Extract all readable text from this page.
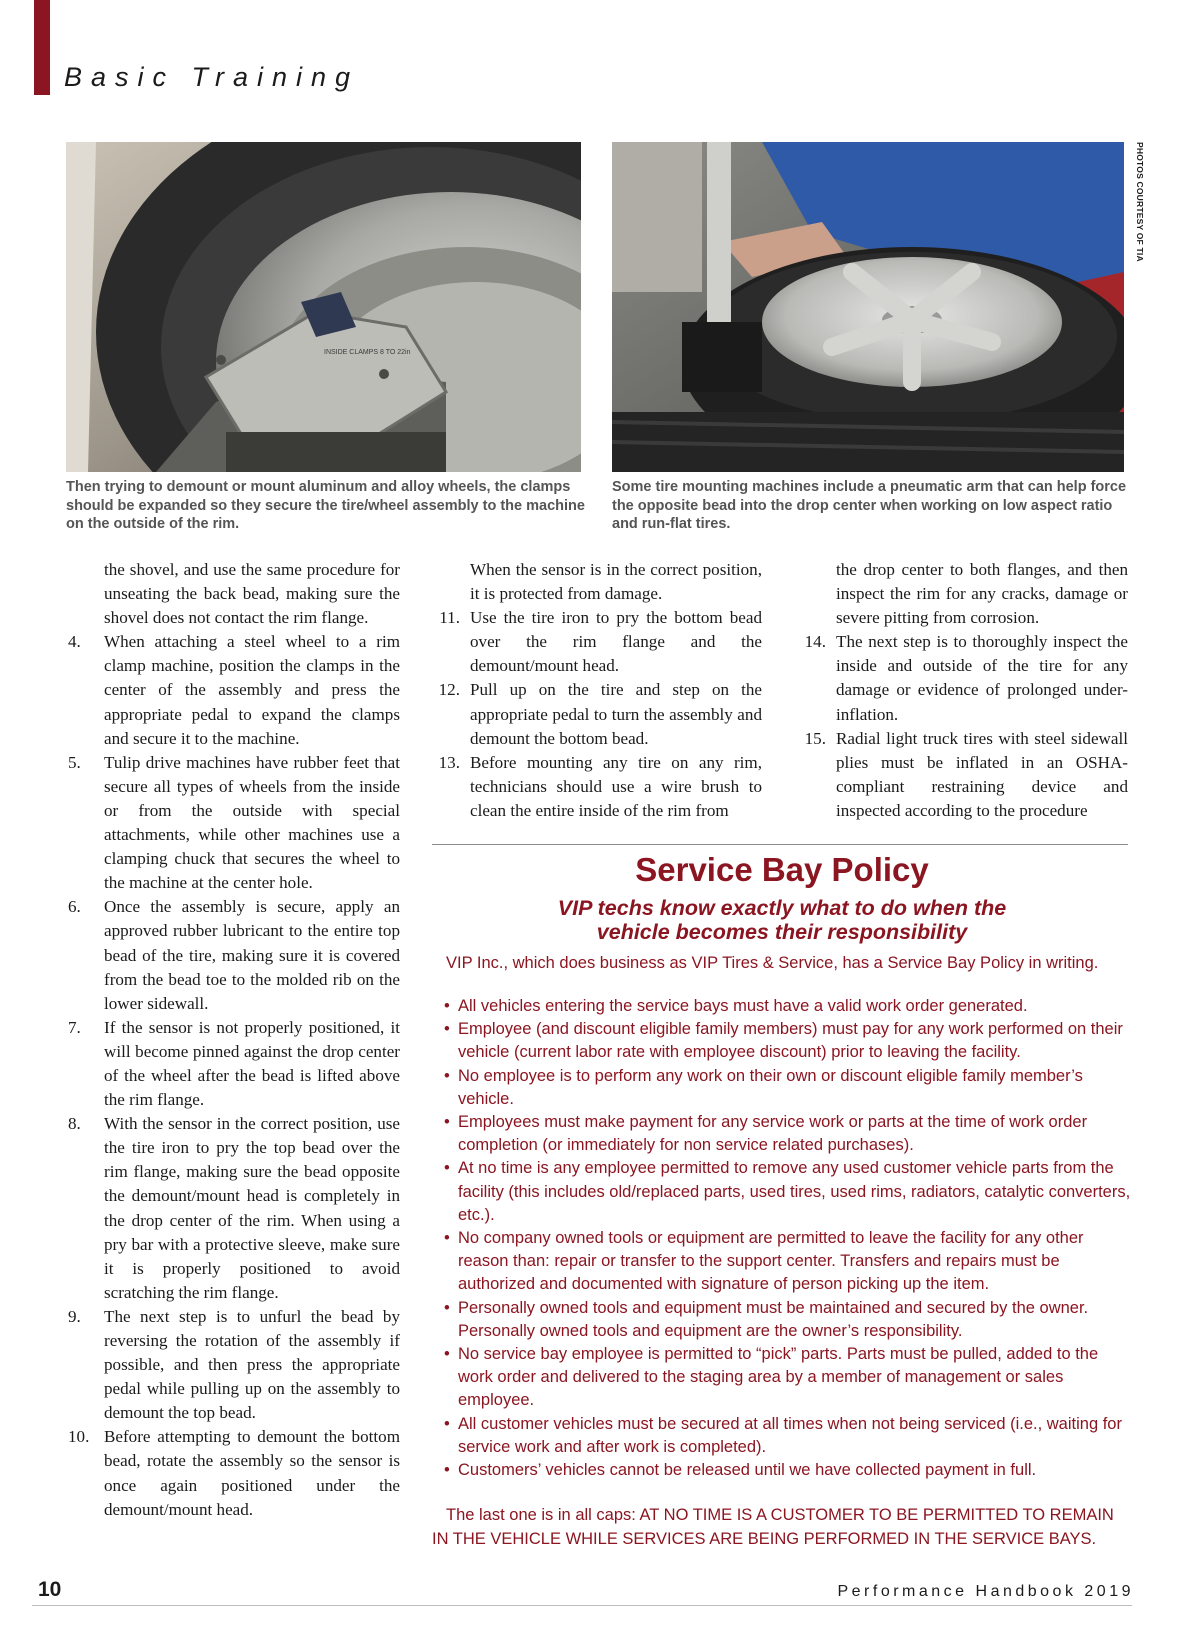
Basic Training
INSIDE CLAMPS 8 TO 22in
PHOTOS COURTESY OF TIA
Then trying to demount or mount aluminum and alloy wheels, the clamps should be expanded so they secure the tire/wheel assembly to the machine on the outside of the rim.
Some tire mounting machines include a pneumatic arm that can help force the opposite bead into the drop center when working on low aspect ratio and run-flat tires.
the shovel, and use the same procedure for unseating the back bead, making sure the shovel does not contact the rim flange.
4.	When attaching a steel wheel to a rim clamp machine, position the clamps in the center of the assembly and press the appropriate pedal to expand the clamps and secure it to the machine.
5.	Tulip drive machines have rubber feet that secure all types of wheels from the inside or from the outside with special attachments, while other machines use a clamping chuck that secures the wheel to the machine at the center hole.
6.	Once the assembly is secure, apply an approved rubber lubricant to the entire top bead of the tire, making sure it is covered from the bead toe to the molded rib on the lower sidewall.
7.	If the sensor is not properly positioned, it will become pinned against the drop center of the wheel after the bead is lifted above the rim flange.
8.	With the sensor in the correct position, use the tire iron to pry the top bead over the rim flange, making sure the bead opposite the demount/mount head is completely in the drop center of the rim. When using a pry bar with a protective sleeve, make sure it is properly positioned to avoid scratching the rim flange.
9.	The next step is to unfurl the bead by reversing the rotation of the assembly if possible, and then press the appropriate pedal while pulling up on the assembly to demount the top bead.
10. Before attempting to demount the bottom bead, rotate the assembly so the sensor is once again positioned under the demount/mount head.
When the sensor is in the correct position, it is protected from damage.
11. Use the tire iron to pry the bottom bead over the rim flange and the demount/mount head.
12. Pull up on the tire and step on the appropriate pedal to turn the assembly and demount the bottom bead.
13. Before mounting any tire on any rim, technicians should use a wire brush to clean the entire inside of the rim from
the drop center to both flanges, and then inspect the rim for any cracks, damage or severe pitting from corrosion.
14. The next step is to thoroughly inspect the inside and outside of the tire for any damage or evidence of prolonged under-inflation.
15. Radial light truck tires with steel sidewall plies must be inflated in an OSHA-compliant restraining device and inspected according to the procedure
Service Bay Policy
VIP techs know exactly what to do when the
vehicle becomes their responsibility
VIP Inc., which does business as VIP Tires & Service, has a Service Bay Policy in writing.
• All vehicles entering the service bays must have a valid work order generated.
• Employee (and discount eligible family members) must pay for any work performed on their vehicle (current labor rate with employee discount) prior to leaving the facility.
• No employee is to perform any work on their own or discount eligible family member’s vehicle.
• Employees must make payment for any service work or parts at the time of work order completion (or immediately for non service related purchases).
• At no time is any employee permitted to remove any used customer vehicle parts from the facility (this includes old/replaced parts, used tires, used rims, radiators, catalytic converters, etc.).
• No company owned tools or equipment are permitted to leave the facility for any other reason than: repair or transfer to the support center. Transfers and repairs must be authorized and documented with signature of person picking up the item.
• Personally owned tools and equipment must be maintained and secured by the owner. Personally owned tools and equipment are the owner’s responsibility.
• No service bay employee is permitted to “pick” parts. Parts must be pulled, added to the work order and delivered to the staging area by a member of management or sales employee.
• All customer vehicles must be secured at all times when not being serviced (i.e., waiting for service work and after work is completed).
• Customers’ vehicles cannot be released until we have collected payment in full.
The last one is in all caps: AT NO TIME IS A CUSTOMER TO BE PERMITTED TO REMAIN IN THE VEHICLE WHILE SERVICES ARE BEING PERFORMED IN THE SERVICE BAYS.
10	Performance Handbook 2019
